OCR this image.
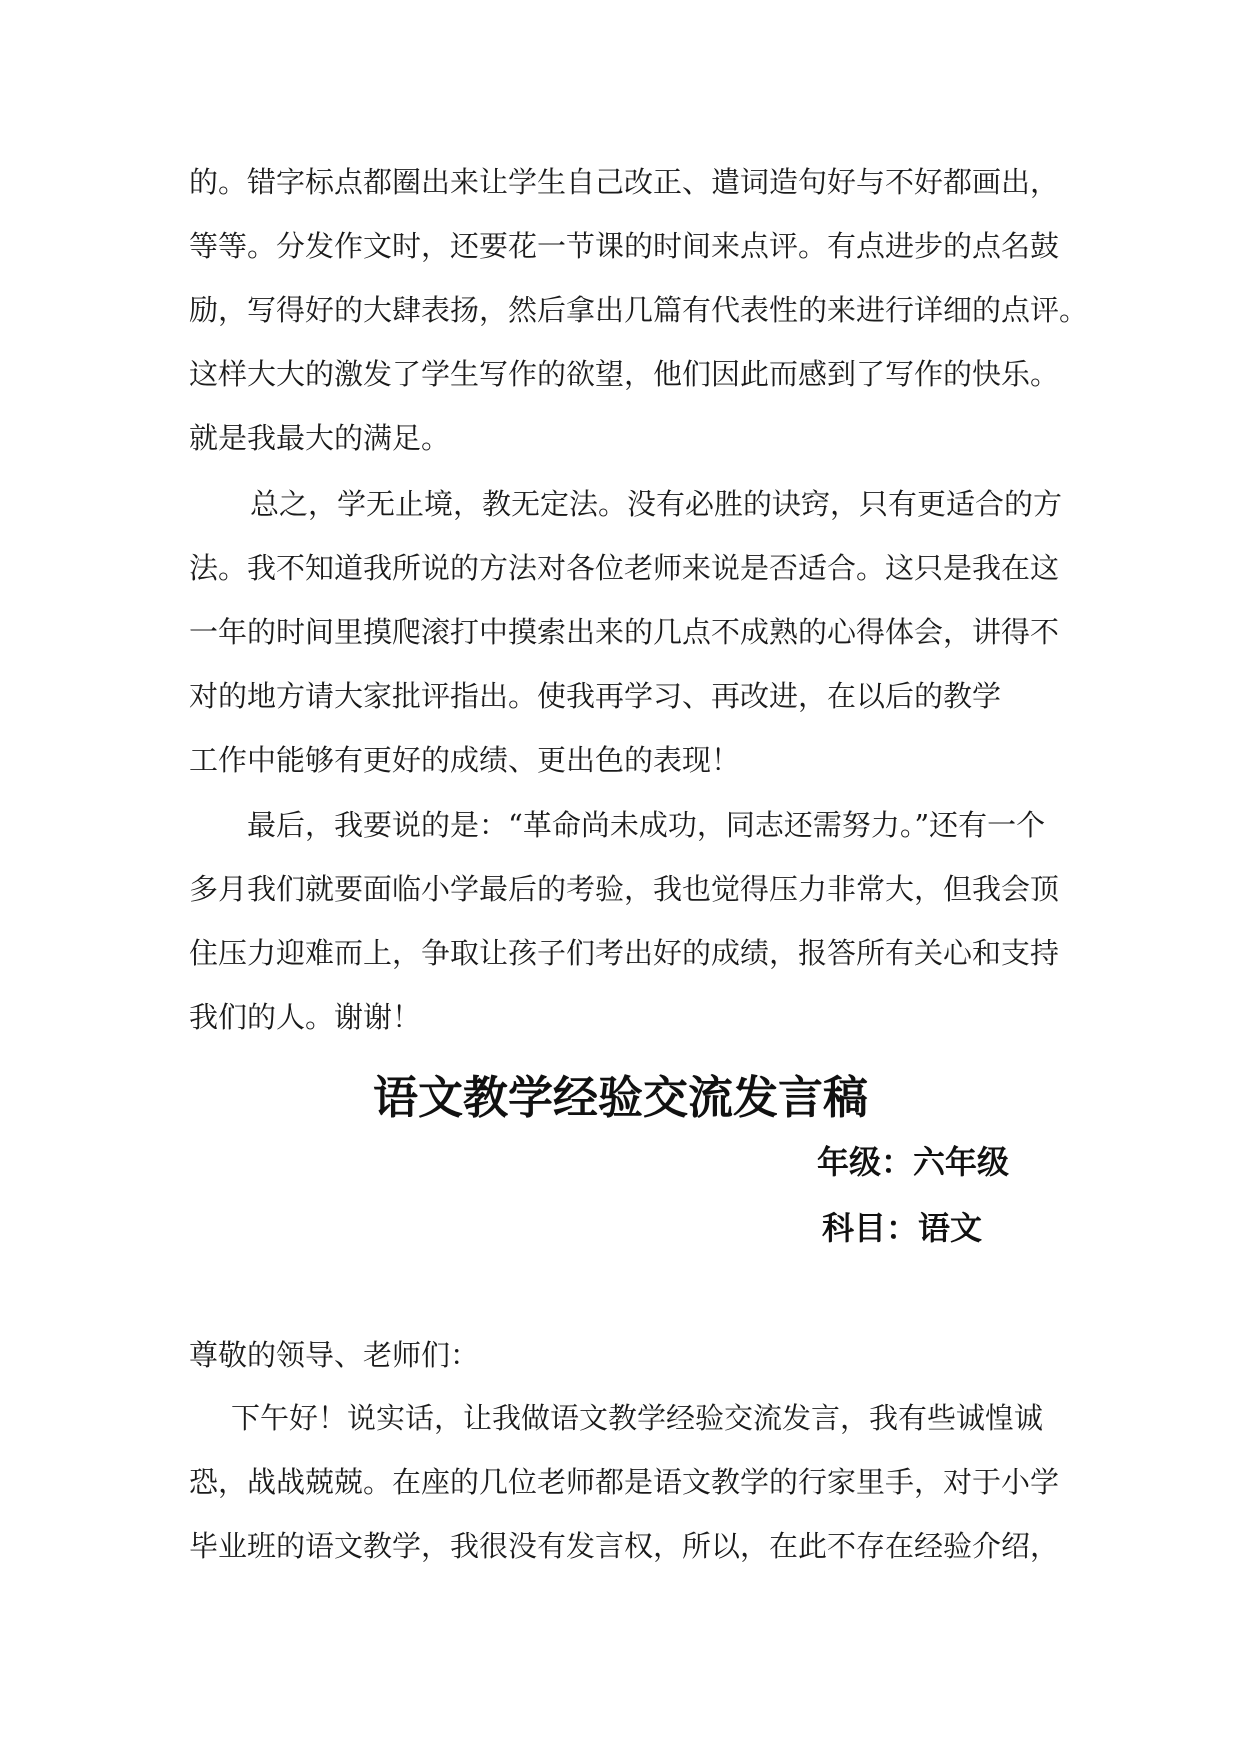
的。错字标点都圈出来让学生自己改正、遣词造句好与不好都画出，
等等。分发作文时，还要花一节课的时间来点评。有点进步的点名鼓
励，写得好的大肆表扬，然后拿出几篇有代表性的来进行详细的点评。
这样大大的激发了学生写作的欲望，他们因此而感到了写作的快乐。
就是我最大的满足。
总之，学无止境，教无定法。没有必胜的诀窍，只有更适合的方
法。我不知道我所说的方法对各位老师来说是否适合。这只是我在这
一年的时间里摸爬滚打中摸索出来的几点不成熟的心得体会，讲得不
对的地方请大家批评指出。使我再学习、再改进，在以后的教学
工作中能够有更好的成绩、更出色的表现！
最后，我要说的是：“革命尚未成功，同志还需努力。”还有一个
多月我们就要面临小学最后的考验，我也觉得压力非常大，但我会顶
住压力迎难而上，争取让孩子们考出好的成绩，报答所有关心和支持
我们的人。谢谢！
语文教学经验交流发言稿
年级：六年级
科目：语文
尊敬的领导、老师们：
下午好！说实话，让我做语文教学经验交流发言，我有些诚惶诚
恐，战战兢兢。在座的几位老师都是语文教学的行家里手，对于小学
毕业班的语文教学，我很没有发言权，所以，在此不存在经验介绍，
